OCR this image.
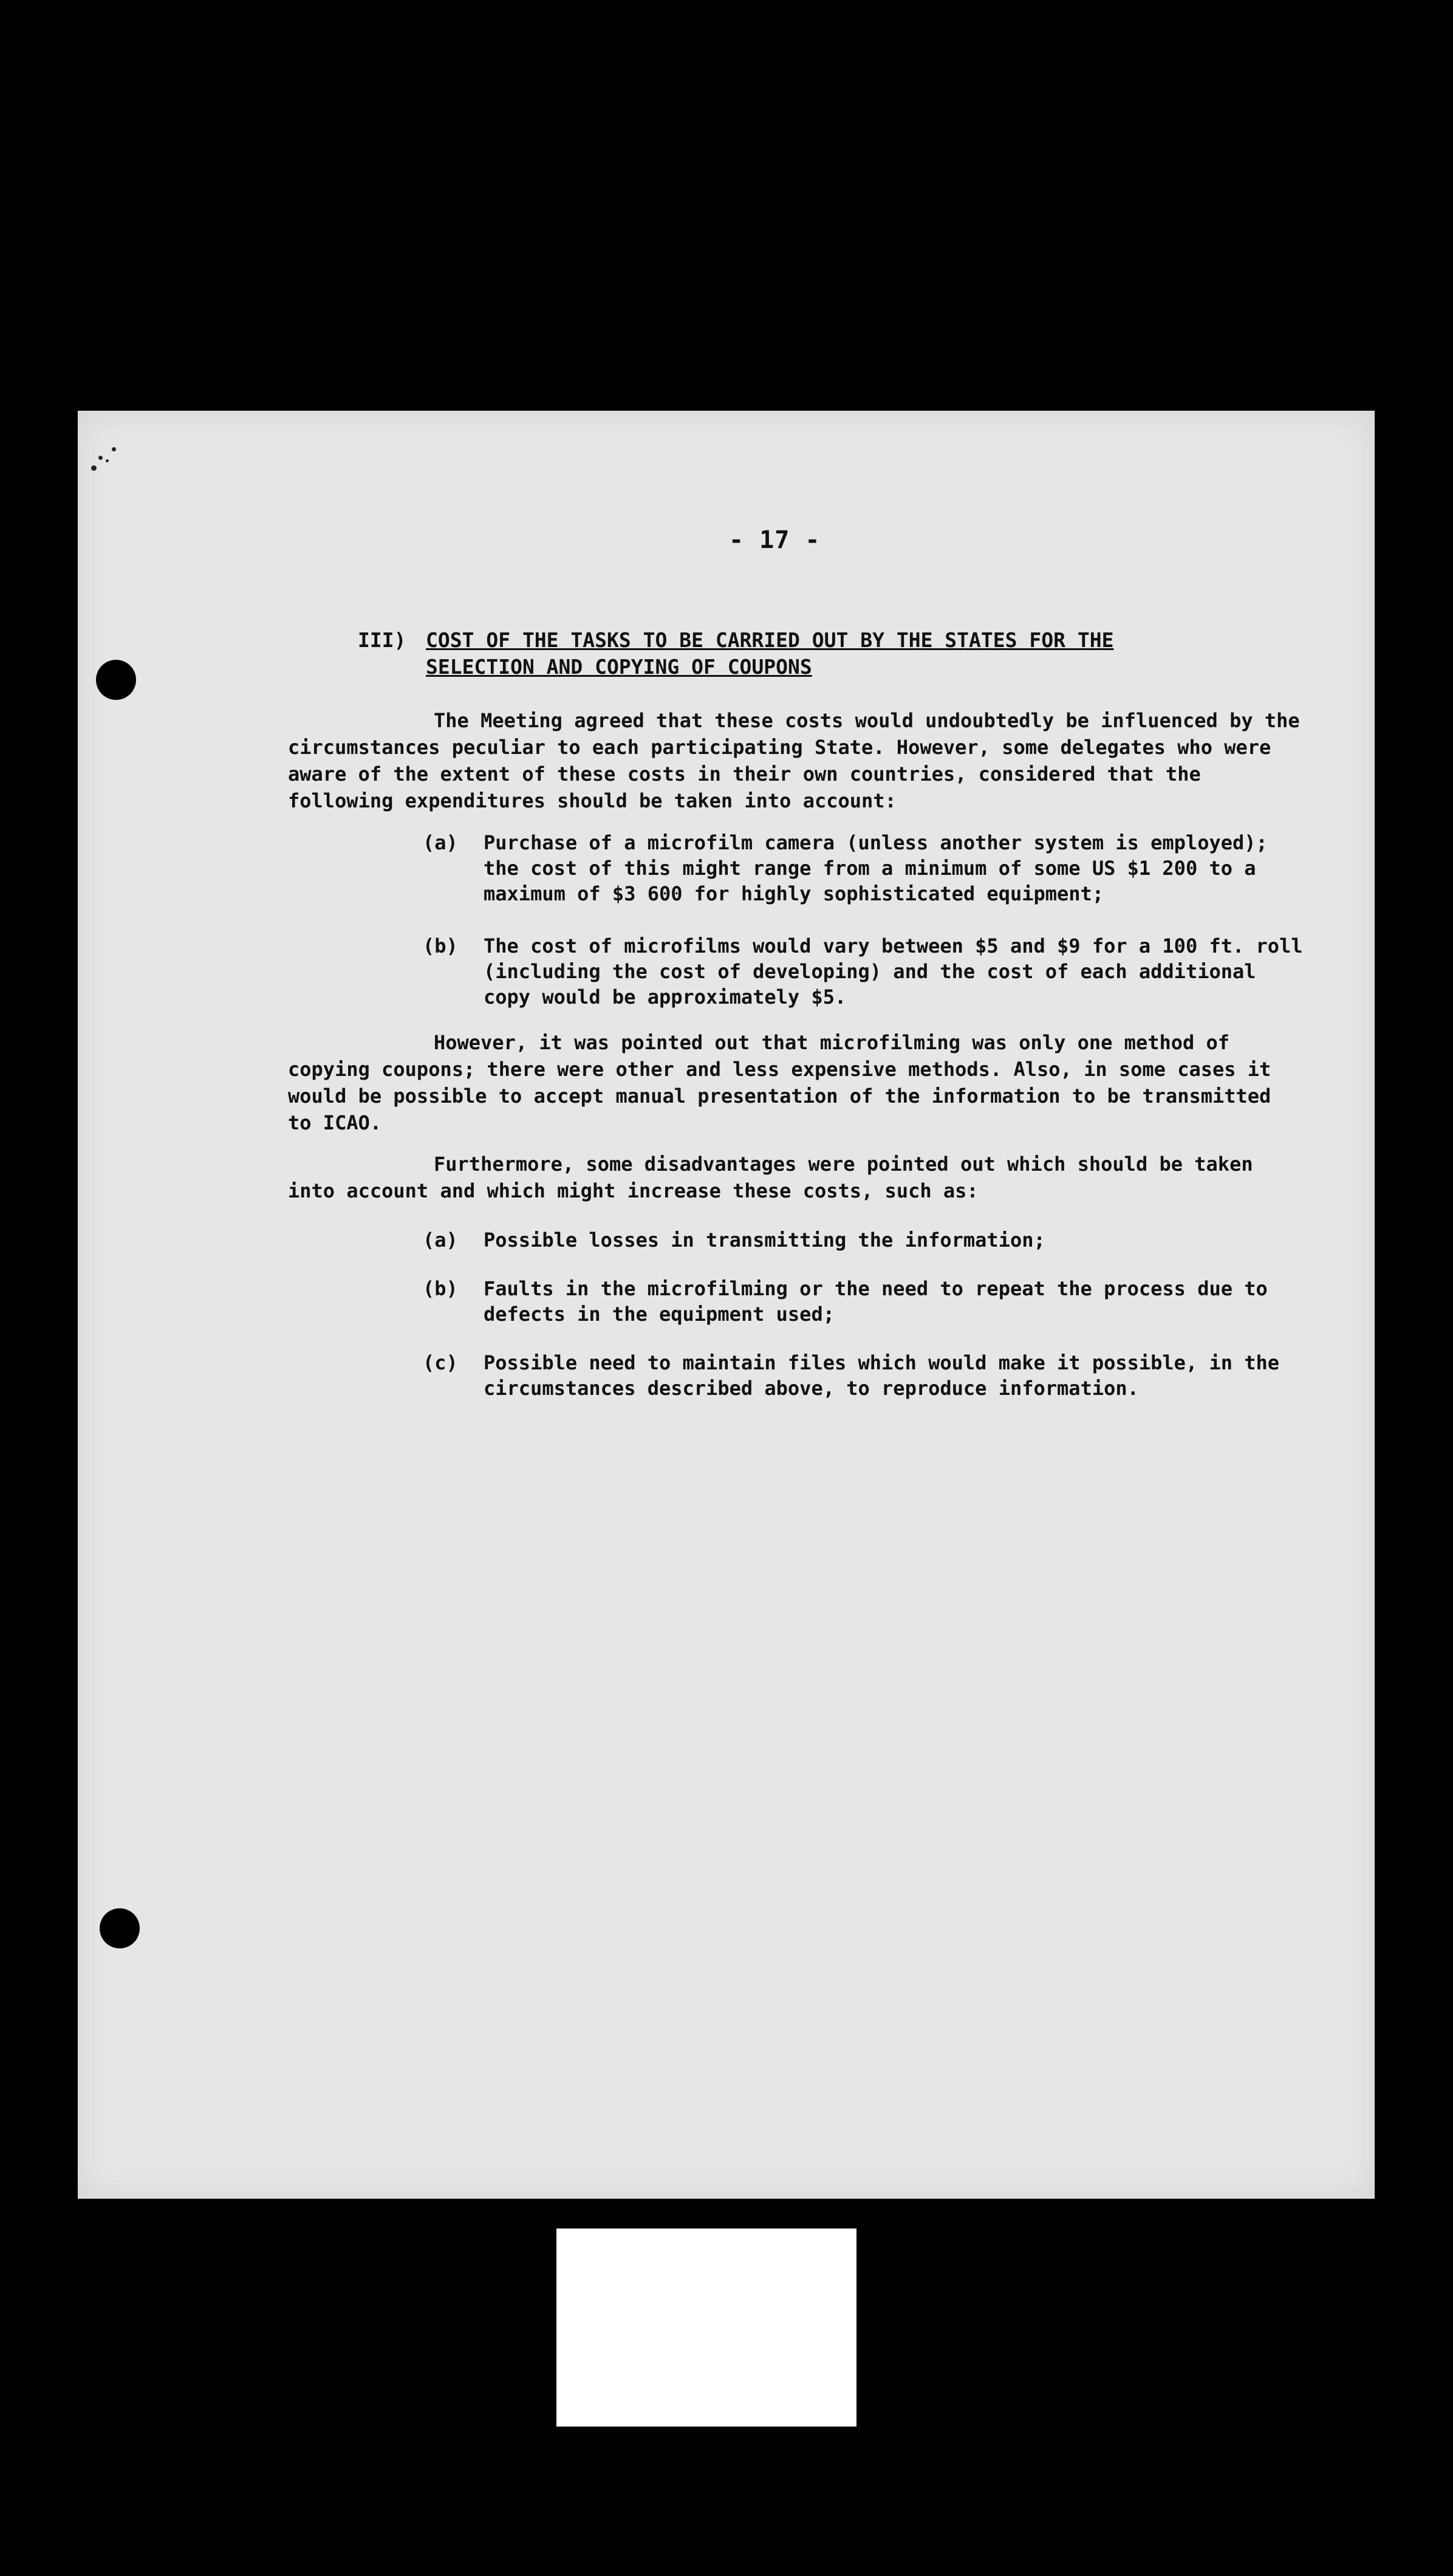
- 17 -
III) COST OF THE TASKS TO BE CARRIED OUT BY THE STATES FOR THE SELECTION AND COPYING OF COUPONS
The Meeting agreed that these costs would undoubtedly be influenced by the circumstances peculiar to each participating State. However, some delegates who were aware of the extent of these costs in their own countries, considered that the following expenditures should be taken into account:
(a)	Purchase of a microfilm camera (unless another system is employed); the cost of this might range from a minimum of some US $1 200 to a maximum of $3 600 for highly sophisticated equipment;
(b)	The cost of microfilms would vary between $5 and $9 for a 100 ft. roll (including the cost of developing) and the cost of each additional copy would be approximately $5.
However, it was pointed out that microfilming was only one method of copying coupons; there were other and less expensive methods. Also, in some cases it would be possible to accept manual presentation of the information to be transmitted to ICAO.
Furthermore, some disadvantages were pointed out which should be taken into account and which might increase these costs, such as:
(a)	Possible losses in transmitting the information;
(b)	Faults in the microfilming or the need to repeat the process due to defects in the equipment used;
(c)	Possible need to maintain files which would make it possible, in the circumstances described above, to reproduce information.
